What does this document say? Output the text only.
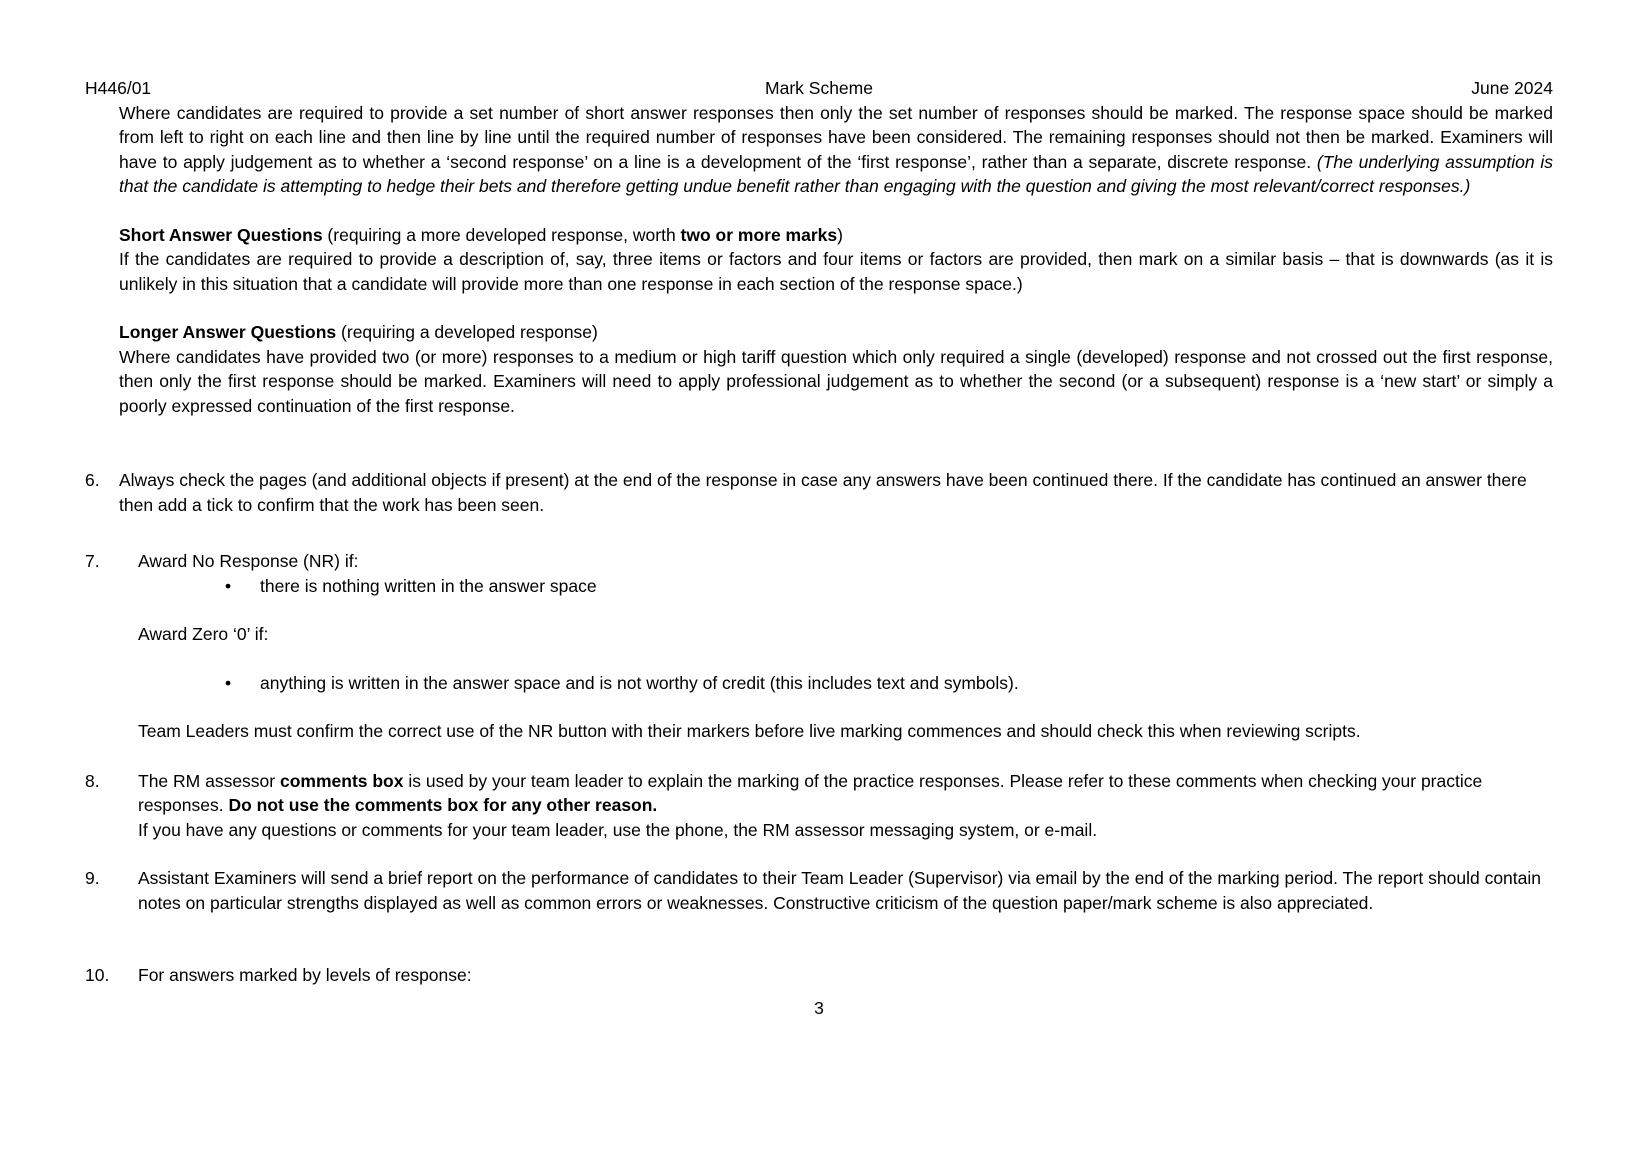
H446/01	Mark Scheme	June 2024

Where candidates are required to provide a set number of short answer responses then only the set number of responses should be marked. The response space should be marked from left to right on each line and then line by line until the required number of responses have been considered. The remaining responses should not then be marked. Examiners will have to apply judgement as to whether a ‘second response’ on a line is a development of the ‘first response’, rather than a separate, discrete response. (The underlying assumption is that the candidate is attempting to hedge their bets and therefore getting undue benefit rather than engaging with the question and giving the most relevant/correct responses.)

Short Answer Questions (requiring a more developed response, worth two or more marks)
If the candidates are required to provide a description of, say, three items or factors and four items or factors are provided, then mark on a similar basis – that is downwards (as it is unlikely in this situation that a candidate will provide more than one response in each section of the response space.)
Longer Answer Questions (requiring a developed response)
Where candidates have provided two (or more) responses to a medium or high tariff question which only required a single (developed) response and not crossed out the first response, then only the first response should be marked. Examiners will need to apply professional judgement as to whether the second (or a subsequent) response is a ‘new start’ or simply a poorly expressed continuation of the first response.
6. Always check the pages (and additional objects if present) at the end of the response in case any answers have been continued there. If the candidate has continued an answer there then add a tick to confirm that the work has been seen.
7. Award No Response (NR) if:
•	there is nothing written in the answer space
Award Zero ‘0’ if:
•	anything is written in the answer space and is not worthy of credit (this includes text and symbols).
Team Leaders must confirm the correct use of the NR button with their markers before live marking commences and should check this when reviewing scripts.
8. The RM assessor comments box is used by your team leader to explain the marking of the practice responses. Please refer to these comments when checking your practice responses. Do not use the comments box for any other reason.
If you have any questions or comments for your team leader, use the phone, the RM assessor messaging system, or e-mail.
9. Assistant Examiners will send a brief report on the performance of candidates to their Team Leader (Supervisor) via email by the end of the marking period. The report should contain notes on particular strengths displayed as well as common errors or weaknesses. Constructive criticism of the question paper/mark scheme is also appreciated.
10. For answers marked by levels of response:
3
